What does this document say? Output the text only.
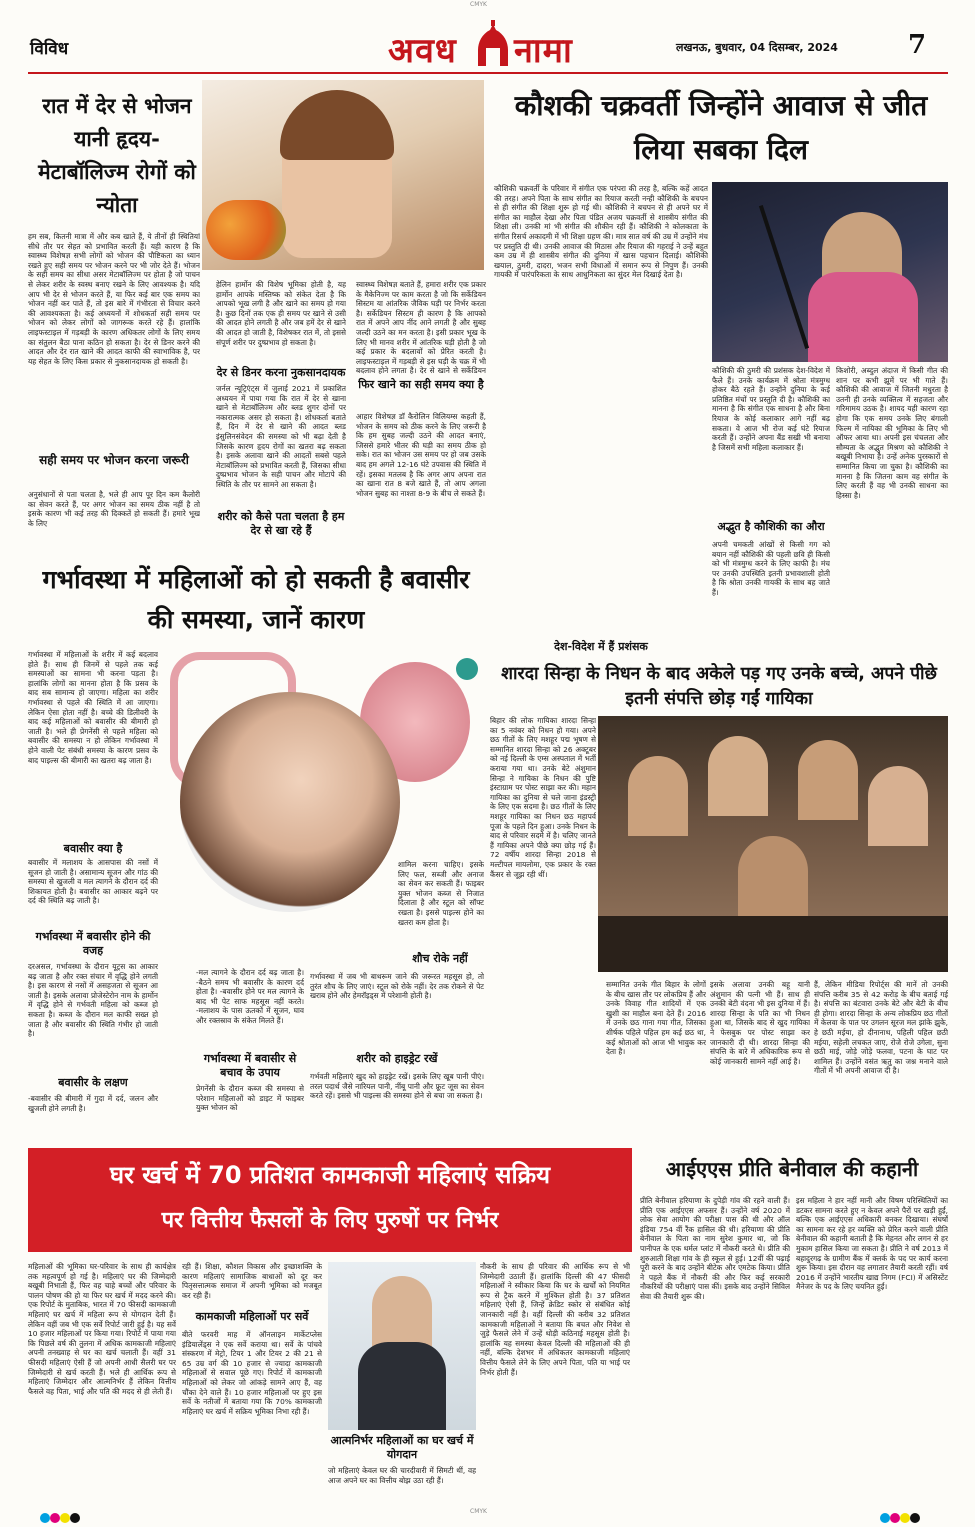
CMYK
विविध	अवध नामा	लखनऊ, बुधवार, 04 दिसम्बर, 2024	7
रात में देर से भोजन यानी हृदय-मेटाबॉलिज्म रोगों को न्योता
हम सब, कितनी मात्रा में और कब खाते हैं, ये तीनों ही स्थितियां सीधे तौर पर सेहत को प्रभावित करती हैं। यही कारण है कि स्वास्थ्य विशेषज्ञ सभी लोगों को भोजन की पौष्टिकता का ध्यान रखते हुए सही समय पर भोजन करने पर भी जोर देते हैं। भोजन के सही समय का सीधा असर मेटाबॉलिज्म पर होता है जो पाचन से लेकर शरीर के स्वस्थ बनाए रखने के लिए आवश्यक है। यदि आप भी देर से भोजन करते हैं, या फिर कई बार एक समय का भोजन नहीं कर पाते हैं, तो इस बारे में गंभीरता से विचार करने की आवश्यकता है। कई अध्ययनों में शोधकर्ता सही समय पर भोजन को लेकर लोगों को जागरूक करते रहे हैं। हालांकि लाइफस्टाइल में गड़बड़ी के कारण अधिकतर लोगों के लिए समय का संतुलन बैठा पाना कठिन हो सकता है। देर से डिनर करने की आदत और देर रात खाने की आदत काफी की स्वाभाविक है, पर यह सेहत के लिए किस प्रकार से नुकसानदायक हो सकती है।
सही समय पर भोजन करना जरूरी
अनुसंधानों से पता चलता है, भले ही आप पूर दिन कम कैलोरी का सेवन करते हैं, पर अगर भोजन का समय ठीक नहीं है तो इसके कारण भी कई तरह की दिक्कतें हो सकती हैं। हमारे भूख के लिए
हेलिन हार्मोन की विशेष भूमिका होती है, यह हार्मोन आपके मस्तिष्क को संकेत देता है कि आपको भूख लगी है और खाने का समय हो गया है। कुछ दिनों तक एक ही समय पर खाने से उसी की आदत होने लगती है और जब हमें देर से खाने की आदत हो जाती है, विशेषकर रात में, तो इससे संपूर्ण शरीर पर दुष्प्रभाव हो सकता है।
देर से डिनर करना नुकसानदायक
जर्नल न्यूट्रिएंट्स में जुलाई 2021 में प्रकाशित अध्ययन में पाया गया कि रात में देर से खाना खाने से मेटाबॉलिज्म और ब्लड शुगर दोनों पर नकारात्मक असर हो सकता है। शोधकर्ता बताते हैं, दिन में देर से खाने की आदत ब्लड इंसुलिनसंवेदन की समस्या को भी बढ़ा देती है जिसके कारण हृदय रोगों का खतरा बढ़ सकता है। इसके अलावा खाने की आदतों सबसे पहले मेटाबॉलिज्म को प्रभावित करती हैं, जिसका सीधा दुष्प्रभाव भोजन के सही पाचन और मोटापे की स्थिति के तौर पर सामने आ सकता है।
शरीर को कैसे पता चलता है हम देर से खा रहे हैं
स्वास्थ्य विशेषज्ञ बताते हैं, हमारा शरीर एक प्रकार के मैकेनिज्म पर काम करता है जो कि सर्केडियन सिस्टम या आंतरिक जैविक घड़ी पर निर्भर करता है। सर्केडियन सिस्टम ही कारण है कि आपको रात में अपने आप नींद आने लगती है और सुबह जल्दी उठने का मन करता है। इसी प्रकार भूख के लिए भी मानव शरीर में आंतरिक घड़ी होती है जो कई प्रकार के बदलावों को प्रेरित करती है। लाइफस्टाइल में गड़बड़ी से इस घड़ी के चक्र में भी बदलाव होने लगता है। देर से खाने से सर्केडियन
फिर खाने का सही समय क्या है
आहार विशेषज्ञ डॉ कैरोलिन विलियम्स कहती हैं, भोजन के समय को ठीक करने के लिए जरूरी है कि हम सुबह जल्दी उठने की आदत बनाएं, जिससे हमारे भीतर की घड़ी का समय ठीक हो सके। रात का भोजन उस समय पर हो जब उसके बाद हम अगले 12-16 घंटे उपवास की स्थिति में रहें। इसका मतलब है कि अगर आप अपना रात का खाना रात 8 बजे खाते हैं, तो आप अगला भोजन सुबह का नाश्ता 8-9 के बीच ले सकते हैं।
कौशकी चक्रवर्ती जिन्होंने आवाज से जीत लिया सबका दिल
कौशिकी चक्रवर्ती के परिवार में संगीत एक परंपरा की तरह है, बल्कि कहें आदत की तरह। अपने पिता के साथ संगीत का रियाज करती नन्ही कौशिकी के बचपन से ही संगीत की शिक्षा शुरू हो गई थी। कौशिकी ने बचपन से ही अपने घर में संगीत का माहौल देखा और पिता पंडित अजय चक्रवर्ती से शास्त्रीय संगीत की शिक्षा ली। उनकी मां भी संगीत की शौकीन रही हैं। कौशिकी ने कोलकाता के संगीत रिसर्च अकादमी में भी शिक्षा ग्रहण की। मात्र सात वर्ष की उम्र में उन्होंने मंच पर प्रस्तुति दी थी। उनकी आवाज की मिठास और रियाज की गहराई ने उन्हें बहुत कम उम्र में ही शास्त्रीय संगीत की दुनिया में खास पहचान दिलाई। कौशिकी खयाल, ठुमरी, दादरा, भजन सभी विधाओं में समान रूप से निपुण हैं। उनकी गायकी में पारंपरिकता के साथ आधुनिकता का सुंदर मेल दिखाई देता है।
देश-विदेश में हैं प्रशंसक
कौशिकी की ठुमरी की प्रशंसक देश-विदेश में फैले हैं। उनके कार्यक्रम में श्रोता मंत्रमुग्ध होकर बैठे रहते हैं। उन्होंने दुनिया के कई प्रतिष्ठित मंचों पर प्रस्तुति दी है। कौशिकी का मानना है कि संगीत एक साधना है और बिना रियाज के कोई कलाकार आगे नहीं बढ़ सकता। वे आज भी रोज कई घंटे रियाज करती हैं। उन्होंने अपना बैंड सखी भी बनाया है जिसमें सभी महिला कलाकार हैं।
अद्भुत है कौशिकी का औरा
अपनी चमकती आंखों से किसी गग को बयान नहीं कौशिकी की पहली छवि ही किसी को भी मंत्रमुग्ध करने के लिए काफी है। मंच पर उनकी उपस्थिति इतनी प्रभावशाली होती है कि श्रोता उनकी गायकी के साथ बह जाते हैं।
किशोरी, अब्दुल अंदाज में किसी गीत की शान पर कभी झूमें पर भी गाते हैं। कौशिकी की आवाज में जितनी मधुरता है उतनी ही उनके व्यक्तित्व में सहजता और गरिमामय उठक है। शायद यही कारण रहा होगा कि एक समय उनके लिए बंगाली फिल्म में नायिका की भूमिका के लिए भी ऑफर आया था। अपनी इस चंचलता और सौम्यता के अद्भुत मिश्रण को कौशिकी ने बखूबी निभाया है। उन्हें अनेक पुरस्कारों से सम्मानित किया जा चुका है। कौशिकी का मानना है कि जितना काम वह संगीत के लिए करती हैं वह भी उनकी साधना का हिस्सा है।
गर्भावस्था में महिलाओं को हो सकती है बवासीर की समस्या, जानें कारण
गर्भावस्था में महिलाओं के शरीर में कई बदलाव होते हैं। साथ ही जिनमें से पहले तक कई समस्याओं का सामना भी करना पड़ता है। हालांकि लोगों का मानना होता है कि प्रसव के बाद सब सामान्य हो जाएगा। महिला का शरीर गर्भावस्था से पहले की स्थिति में आ जाएगा। लेकिन ऐसा होता नहीं है। बच्चे की डिलीवरी के बाद कई महिलाओं को बवासीर की बीमारी हो जाती है। भले ही प्रेगनेंसी से पहले महिला को बवासीर की समस्या न हो लेकिन गर्भावस्था में होने वाली पेट संबंधी समस्या के कारण प्रसव के बाद पाइल्स की बीमारी का खतरा बढ़ जाता है।
बवासीर क्या है
बवासीर में मलाशय के आसपास की नसों में सूजन हो जाती है। असामान्य सूजन और गांठ की समस्या से खुजली व मल त्यागने के दौरान दर्द की शिकायत होती है। बवासीर का आकार बढ़ने पर दर्द की स्थिति बढ़ जाती है।
गर्भावस्था में बवासीर होने की वजह
दरअसल, गर्भावस्था के दौरान यूट्रस का आकार बढ़ जाता है और रक्त संचार में वृद्धि होने लगती है। इस कारण से नसों में असहजता से सूजन आ जाती है। इसके अलावा प्रोजेस्टेरोन नाम के हार्मोन में वृद्धि होने से गर्भवती महिला को कब्ज हो सकता है। कब्ज के दौरान मल काफी सख्त हो जाता है और बवासीर की स्थिति गंभीर हो जाती है।
बवासीर के लक्षण
-बवासीर की बीमारी में गुदा में दर्द, जलन और खुजली होने लगती है।
-मल त्यागने के दौरान दर्द बढ़ जाता है। -बैठने समय भी बवासीर के कारण दर्द होता है। -बवासीर होने पर मल त्यागने के बाद भी पेट साफ महसूस नहीं करते। -मलाशय के पास ऊतकों में सूजन, घाव और रक्तस्राव के संकेत मिलते हैं।
गर्भावस्था में बवासीर से बचाव के उपाय
प्रेगनेंसी के दौरान कब्ज की समस्या से परेशान महिलाओं को डाइट में फाइबर युक्त भोजन को
शामिल करना चाहिए। इसके लिए फल, सब्जी और अनाज का सेवन कर सकती हैं। फाइबर युक्त भोजन कब्ज से निजात दिलाता है और स्टूल को सॉफ्ट रखता है। इससे पाइल्स होने का खतरा कम होता है।
शौच रोके नहीं
गर्भावस्था में जब भी बाथरूम जाने की जरूरत महसूस हो, तो तुरंत शौच के लिए जाएं। स्टूल को रोके नहीं। देर तक रोकने से पेट खराब होने और हेमरॉइड्स में परेशानी होती है।
शरीर को हाइड्रेट रखें
गर्भवती महिलाएं खुद को हाइड्रेट रखें। इसके लिए खूब पानी पीएं। तरल पदार्थ जैसे नारियल पानी, नींबू पानी और फ्रूट जूस का सेवन करते रहें। इससे भी पाइल्स की समस्या होने से बचा जा सकता है।
शारदा सिन्हा के निधन के बाद अकेले पड़ गए उनके बच्चे, अपने पीछे इतनी संपत्ति छोड़ गईं गायिका
बिहार की लोक गायिका शारदा सिन्हा का 5 नवंबर को निधन हो गया। अपने छठ गीतों के लिए मशहूर पद्म भूषण से सम्मानित शारदा सिन्हा को 26 अक्टूबर को नई दिल्ली के एम्स अस्पताल में भर्ती कराया गया था। उनके बेटे अंशुमान सिन्हा ने गायिका के निधन की पुष्टि इंस्टाग्राम पर पोस्ट साझा कर की। महान गायिका का दुनिया से चले जाना इंडस्ट्री के लिए एक सदमा है। छठ गीतों के लिए मशहूर गायिका का निधन छठ महापर्व पूजा के पहले दिन हुआ। उनके निधन के बाद से परिवार सदमे में है। चलिए जानते हैं गायिका अपने पीछे क्या छोड़ गई हैं। 72 वर्षीय शारदा सिन्हा 2018 से मल्टीपल मायलोमा, एक प्रकार के रक्त कैंसर से जूझ रही थीं।
सम्मानित उनके गीत बिहार के लोगों के बीच खास तौर पर लोकप्रिय हैं और उनके विवाह गीत शादियों में एक खुशी का माहौल बना देते हैं। 2016 में उनके छठ गाना गया गीत, जिसका शीर्षक पहिले पहिल हम कई छठ था, कई श्रोताओं को आज भी भावुक कर देता है।
इसके अलावा उनकी बहू यानी अंशुमान की पत्नी भी हैं। साथ ही उनकी बेटी वंदना भी इस दुनिया में हैं। शारदा सिन्हा के पति का भी निधन हुआ था, जिसके बाद से खुद गायिका ने फेसबुक पर पोस्ट साझा कर जानकारी दी थी। शारदा सिन्हा की संपत्ति के बारे में अधिकारिक रूप से कोई जानकारी सामने नहीं आई है।
हैं, लेकिन मीडिया रिपोर्ट्स की मानें तो उनकी संपत्ति करीब 35 से 42 करोड़ के बीच बताई गई है। संपत्ति का बंटवारा उनके बेटे और बेटी के बीच ही होगा। शारदा सिन्हा के अन्य लोकप्रिय छठ गीतों में केलवा के पात पर उगलन सूरज मल झांके झुके, हे छठी मईया, हो दीनानाथ, पहिली पहिल छठी मईया, सहेली लचकत जाए, रोजे रोजे उगेला, सुना छठी माई, जोड़े जोड़े फलवा, पटना के घाट पर शामिल हैं। उन्होंने वसंत ऋतु का जश्न मनाने वाले गीतों में भी अपनी आवाज दी है।
घर खर्च में 70 प्रतिशत कामकाजी महिलाएं सक्रिय
पर वित्तीय फैसलों के लिए पुरुषों पर निर्भर
महिलाओं की भूमिका घर-परिवार के साथ ही कार्यक्षेत्र तक महत्वपूर्ण हो गई है। महिलाएं घर की जिम्मेदारी बखूबी निभाती हैं, फिर वह चाहे बच्चों और परिवार के पालन पोषण की हो या फिर घर खर्च में मदद करने की। एक रिपोर्ट के मुताबिक, भारत में 70 फीसदी कामकाजी महिलाएं घर खर्च में महिला रूप से योगदान देती हैं। लेकिन वहीं जब भी एक सर्वे रिपोर्ट जारी हुई है। यह सर्वे 10 हजार महिलाओं पर किया गया। रिपोर्ट में पाया गया कि पिछले वर्ष की तुलना में अधिक कामकाजी महिलाएं अपनी तनख्वाह से घर का खर्च चलाती हैं। वहीं 31 फीसदी महिलाएं ऐसी हैं जो अपनी आधी सैलरी घर पर जिम्मेदारी से खर्च करती हैं। भले ही आर्थिक रूप से महिलाएं जिम्मेदार और आत्मनिर्भर हैं लेकिन वित्तीय फैसले वह पिता, भाई और पति की मदद से ही लेती हैं।
रही हैं। शिक्षा, कौशल विकास और इच्छाशक्ति के कारण महिलाएं सामाजिक बाधाओं को दूर कर पितृसत्तात्मक समाज में अपनी भूमिका को मजबूत कर रही हैं।
कामकाजी महिलाओं पर सर्वे
बीते फरवरी माह में ऑनलाइन मार्केटप्लेस इंडियालेंड्स ने एक सर्वे कराया था। सर्वे के पांचवे संस्करण में मेट्रो, टियर 1 और टियर 2 की 21 से 65 उम्र वर्ग की 10 हजार से ज्यादा कामकाजी महिलाओं से सवाल पूछे गए। रिपोर्ट में कामकाजी महिलाओं को लेकर जो आंकड़े सामने आए हैं, वह चौंका देने वाले हैं। 10 हजार महिलाओं पर हुए इस सर्वे के नतीजों में बताया गया कि 70% कामकाजी महिलाएं घर खर्च में सक्रिय भूमिका निभा रही हैं।
आत्मनिर्भर महिलाओं का घर खर्च में योगदान
जो महिलाएं केवल घर की चारदीवारी में सिमटी थीं, वह आज अपने घर का वित्तीय बोझ उठा रही हैं।
नौकरी के साथ ही परिवार की आर्थिक रूप से भी जिम्मेदारी उठाती हैं। हालांकि दिल्ली की 47 फीसदी महिलाओं ने स्वीकार किया कि घर के खर्चों को नियमित रूप से ट्रैक करने में मुश्किल होती है। 37 प्रतिशत महिलाएं ऐसी हैं, जिन्हें क्रेडिट स्कोर से संबंधित कोई जानकारी नहीं है। वहीं दिल्ली की करीब 32 प्रतिशत कामकाजी महिलाओं ने बताया कि बचत और निवेश से जुड़े फैसले लेने में उन्हें थोड़ी कठिनाई महसूस होती है। हालांकि यह समस्या केवल दिल्ली की महिलाओं की ही नहीं, बल्कि देशभर में अधिकतर कामकाजी महिलाएं वित्तीय फैसले लेने के लिए अपने पिता, पति या भाई पर निर्भर होती हैं।
आईएएस प्रीति बेनीवाल की कहानी
प्रीति बेनीवाल हरियाणा के दुपेड़ी गांव की रहने वाली हैं। प्रीति एक आईएएस अफसर हैं। उन्होंने वर्ष 2020 में लोक सेवा आयोग की परीक्षा पास की थी और ऑल इंडिया 754 वीं रैंक हासिल की थी। हरियाणा की प्रीति बेनीवाल के पिता का नाम सुरेश कुमार था, जो कि पानीपत के एक थर्मल प्लांट में नौकरी करते थे। प्रीति की शुरुआती शिक्षा गांव के ही स्कूल से हुई। 12वीं की पढ़ाई पूरी करने के बाद उन्होंने बीटेक और एमटेक किया। प्रीति ने पहले बैंक में नौकरी की और फिर कई सरकारी नौकरियों की परीक्षाएं पास कीं। इसके बाद उन्होंने सिविल सेवा की तैयारी शुरू की।
इस महिला ने हार नहीं मानी और विषम परिस्थितियों का डटकर सामना करते हुए न केवल अपने पैरों पर खड़ी हुईं, बल्कि एक आईएएस अधिकारी बनकर दिखाया। संघर्षों का सामना कर रहे हर व्यक्ति को प्रेरित करने वाली प्रीति बेनीवाल की कहानी बताती है कि मेहनत और लगन से हर मुकाम हासिल किया जा सकता है। प्रीति ने वर्ष 2013 में बहादुरगढ़ के ग्रामीण बैंक में क्लर्क के पद पर कार्य करना शुरू किया। इस दौरान वह लगातार तैयारी करती रहीं। वर्ष 2016 में उन्होंने भारतीय खाद्य निगम (FCI) में असिस्टेंट मैनेजर के पद के लिए चयनित हुईं।
CMYK
